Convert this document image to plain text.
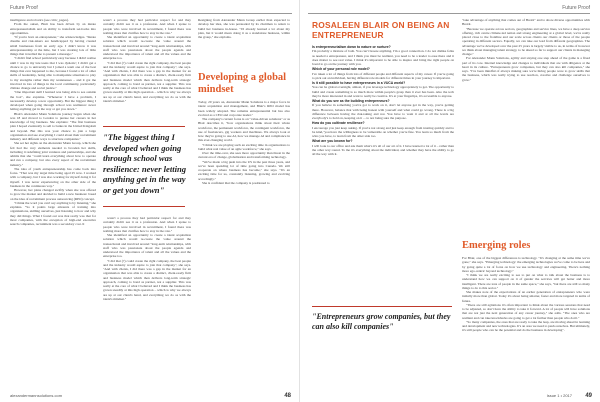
Future Proof

intelligence and robotics (see critic_pages).

From the outset, Blair has been driven by an innate entrepreneurialism and an ability to transform set-backs into opportunities.

"If you're born an entrepreneur," she acknowledges. "Innate dreams and risk-takers are handicapped by having created small businesses from an early age. I didn't know it was entrepreneurship at the time, but I was creating lots of little things that travelled me to present a message."

"I didn't find school particularly easy because I didn't realise until I was in my late teens that I was dyslexic; I didn't get a chance to go to university but I joined a team one of the best things that ever happened to me, because I found a lot of other skills of leadership, being able to manipulate situations to play to my strengths rather than my weaknesses – and it got me involved in lots of things in the local community, particularly climate change and social justice."

"One important skill I learned was being able to see outside the box", she explains. "Whenever I have a problem, I necessarily develop a new opportunity. But the biggest thing I developed when going through school was resilience: never letting anything get in the way or get you down."

Blair's Alexander Mann Solutions journey began when she was 18 and moved to London to pursue her careers in her knowledge of big business. She explains: "The first business plan I hoped eventually to sell to banks in the United Kingdom and beyond. But this was your chance to join a large organisation and see everything I could about their recruitment industry and different ways to structure companies."

She set her sights on the Alexander Mann Group, which she felt had the very elements needed to broaden her skills, including it redefining joint ventures and partnerships, and she admits that she "could learn everything about how to operate and run a company, but also every aspect of the recruitment industry."

The idea of youth entrepreneurship has come back into focus. "That was my target time being aged 25 now. I worked with a company, but I was also working for myself doing it for myself. I was never experiencing on the other side of the business in the continuous way."

However, her plans changed swiftly when she was offered to grow the market and decided to build a new business: based on the idea of recruitment process outsourcing (RPO) concept.

"I think the word you can't say anything is by listening," she explains. "So it points large amounts of training into organisations, skilling ourselves, just listening to how and why they did things. What I found out was that really was that for most companies, with the exception of high-end executive search companies, recruitment was a secondary cost. It

wasn't a process they had particular respect for and they certainly didn't see it as a profession. And when I spoke to people who were involved in recruitment, I found there was nothing more that clarifies how to stay in the role."

She identified an opportunity to create a talent acquisition solution which would re-create the value around the transactional and involved around "long-term relationships, with staff who was passionate about the people agenda and understood the importance of talent and all the values and the enterprise too.

"I did that (?) could create the right company, the best people and the industry would aspire to join that company", she says. "And with clients, I did there was a gap in the market for an organisation that was able to create a distinct, client-ready firm and business model which then delivers long-term strategic approach, coming to bond as partner, not a supplier. This was really at the core of what I believed and I think the business has grown steadily at this high operation – which is why we always are up at our client's hand, and everything we do as with the talent's mindset."

"The biggest thing I developed when going through school was resilience: never letting anything get in the way or get you down"

wasn't a process they had particular respect for and they certainly didn't see it as a profession. And when I spoke to people who were involved in recruitment, I found there was nothing more that clarifies how to stay in the role."

She identified an opportunity to create a talent acquisition solution which would re-create the value around the transactional and involved around "long-term relationships, with staff who was passionate about the people agenda and understood the importance of talent and all the values and the enterprise too.

"I did that (?) could create the right company, the best people and the industry would aspire to join that company", she says. "And with clients, I did there was a gap in the market for an organisation that was able to create a distinct, client-ready firm and business model which then delivers long-term strategic approach, coming to bond as partner, not a supplier. This was really at the core of what I believed and I think the business has grown steadily at this high operation – which is why we always are up at our client's hand, and everything we do as with the talent's mindset."

Resigning from Alexander Mann Group earlier than expected to develop her idea, she was persuaded by its chairman to return to build her business in-house. "I'd already learned a lot about my plan, but it would mean doing it as a standalone business, within the group," she explains.

Developing a global mindset

Today, 20 years on, Alexander Mann Solutions is a major force in talent acquisition and management, and Blair's RPO model has been widely adopted. She remains entrepreneurial but has also evolved as a CEO and corporate leader."

The company's current focus is on "value-driven solutions" or as Blair describes it, "how organisations think about their whole workforce, the permanent workforce, the contingent workforce, the use of freelancers, gig workers and machines. We always look at how they're going to use AI, how we manage AI and compliance in this ever-changing world.

"I think we are playing such an exciting time in organisations to build what real value of an agile workforce," she says.

Over the time-over, she sees more opportunity than threat in the current era of change, globalisation and transforming technology.

"We've made a big push into the US in the past three years, and we've been spending lot of time going into Canada. We still cooperate on where business has become," she says. "It's an exciting time for us, constantly listening, growing and evolving accordingly."

She is confident that the company is positioned to

alexandermannsolutions.com	48
Future Proof
ROSALEEN BLAIR ON BEING AN ENTREPRENEUR
Is entrepreneurialism down to nature or nurture?
I'm probably a mixture of both. You can't breeze anything. I'm a good connection. I do not dislike folks as needed a entrepreneur, and I think you must be resilient, you need to be a leader to ease there and it does matter to see real value. I think it's important to be able to inspire and bring the right people on board to go on the journey with you.
Which of your personal role model?
I've taken a lot of things from lots of different people and different aspects of my career. If you're going to pick out an individual, having different role models for different times in your journey is important.
Is it still possible to have entrepreneurs in a VUCA world?
You can be global overnight, almost, if you leverage technology appropriately to get. The opportunity to build and create something is so much more within people's grasp than it ever has been. Also the tech they're more interested in and want to really be creative. It's at your fingertips, it's accessible to anyone.
What do you see as the building entrepreneurs?
If you believe in something you've got to work on it, don't let anyone get in the way, you're getting there. However, balance that with being honest with yourself and what could go wrong. There is a big difference between having the risk-taking and not. You have to want it and at all the levels are everybody's to hold on, keeping on it ... to not being sure the purpose.
How do you cultivate resilience?
I encourage you just keep asking. If you're not strong and just keep enough from trusting quickly and to be kind,"you have the willingness to be vulnerable on whether you're fine. You learn so much from the wins you have, to learn from the other side too.
What are you known for?
I will look to our office and ask them what's it's all of our art of it. I have learned a lot of it – rather than the other way round. To me it's everything about the individual, and whether they have the ability to go all the way with it.
"Entrepreneurs grow companies, but they can also kill companies"

"take advantage of anything that comes out of Brexit" and to shore diverse opportunities with Brexit.

"Because we operate across sectors, geographies and service lines, we have a deep service offering, rich centre climate-led nation and strong engineering at a global level, we've really placed close to the frontline and our scale across clients our clients or those of the people operating in different sectors. Equally, we can take our lead from different geographies. The advantage we've developed over the past 25 years is largely visible to us, in terms of however we think about managing talent strategy, to be ahead so far to support our clients in managing change."

For Alexander Mann Solutions, agility and staying one step ahead of the game is a fixed part of its core. Internal knowledge and changes to individuals that are with diligence at the heart in its culture. "Entrepreneurs grow companies, but they can also kill companies," she says. "I've been mindful of always making sure we're hiring people were to grow skills that the business, which was really trying to use reaction, creative and challenge ourselves to grow."

Emerging roles

For Blair, one of the biggest differences is technology. "It's changing at the same time we've gone," she says. "Emerging technology: the emerging technologies we've come to be here and by going quite a lot of focus on how we use technology and engineering. There's nothing more ego-centric beyond technology."

"I think we are really exciting to see to put on what to talk about the business is to understand how we can support on it of gender the services will get better and more intelligent. There are tons of people in the same space," she says, "but there are still so many things to do to this sector."

She makes note of the expectations of an earlier generation of entrepreneurs who were initially more than global. Today it's about being smarter, faster and more targeted in terms of future.

"There are still agitations it's often important to think about the various sessions that need to be adjusted, so don't have the ability to take it forward. A lot of people will have solutions that are not just the next generation of any career journey," she adds. "The ones who are resilient and can take knockbacks are going to get a lot further than people who don't."

"So many companies, the ones that are ready to take the leap, are moving ahead in learning and development and new technologies. It's an area we need to push ourselves. But ultimately, it's still people who can be the potential and do the business in developing".

Issue 1 • 2017 49
